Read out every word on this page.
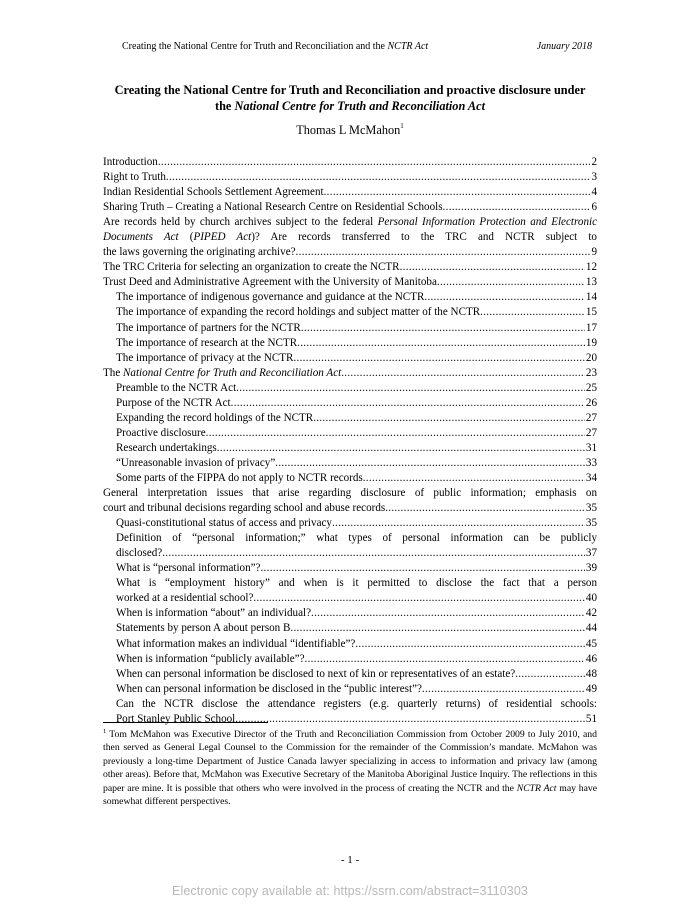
Creating the National Centre for Truth and Reconciliation and the NCTR Act	January 2018
Creating the National Centre for Truth and Reconciliation and proactive disclosure under
the National Centre for Truth and Reconciliation Act
Thomas L McMahon$^1$
Introduction .....	2
Right to Truth .....	3
Indian Residential Schools Settlement Agreement .....	4
Sharing Truth – Creating a National Research Centre on Residential Schools .....	6
Are records held by church archives subject to the federal Personal Information Protection and Electronic Documents Act (PIPED Act)? Are records transferred to the TRC and NCTR subject to
the laws governing the originating archive? .....	9
The TRC Criteria for selecting an organization to create the NCTR .....	12
Trust Deed and Administrative Agreement with the University of Manitoba .....	13
The importance of indigenous governance and guidance at the NCTR .....	14
The importance of expanding the record holdings and subject matter of the NCTR .....	15
The importance of partners for the NCTR .....	17
The importance of research at the NCTR .....	19
The importance of privacy at the NCTR .....	20
The National Centre for Truth and Reconciliation Act .....	23
Preamble to the NCTR Act .....	25
Purpose of the NCTR Act .....	26
Expanding the record holdings of the NCTR .....	27
Proactive disclosure .....	27
Research undertakings .....	31
“Unreasonable invasion of privacy” .....	33
Some parts of the FIPPA do not apply to NCTR records .....	34
General interpretation issues that arise regarding disclosure of public information; emphasis on
court and tribunal decisions regarding school and abuse records .....	35
Quasi-constitutional status of access and privacy .....	35
Definition of “personal information;” what types of personal information can be publicly
disclosed? .....	37
What is “personal information”? .....	39
What is “employment history” and when is it permitted to disclose the fact that a person
worked at a residential school? .....	40
When is information “about” an individual? .....	42
Statements by person A about person B .....	44
What information makes an individual “identifiable”? .....	45
When is information “publicly available”? .....	46
When can personal information be disclosed to next of kin or representatives of an estate? .....	48
When can personal information be disclosed in the “public interest”? .....	49
Can the NCTR disclose the attendance registers (e.g. quarterly returns) of residential schools:
Port Stanley Public School .....	51
$^1$ Tom McMahon was Executive Director of the Truth and Reconciliation Commission from October 2009 to July 2010, and then served as General Legal Counsel to the Commission for the remainder of the Commission’s mandate. McMahon was previously a long-time Department of Justice Canada lawyer specializing in access to information and privacy law (among other areas). Before that, McMahon was Executive Secretary of the Manitoba Aboriginal Justice Inquiry. The reflections in this paper are mine. It is possible that others who were involved in the process of creating the NCTR and the NCTR Act may have somewhat different perspectives.
- 1 -
Electronic copy available at: https://ssrn.com/abstract=3110303
